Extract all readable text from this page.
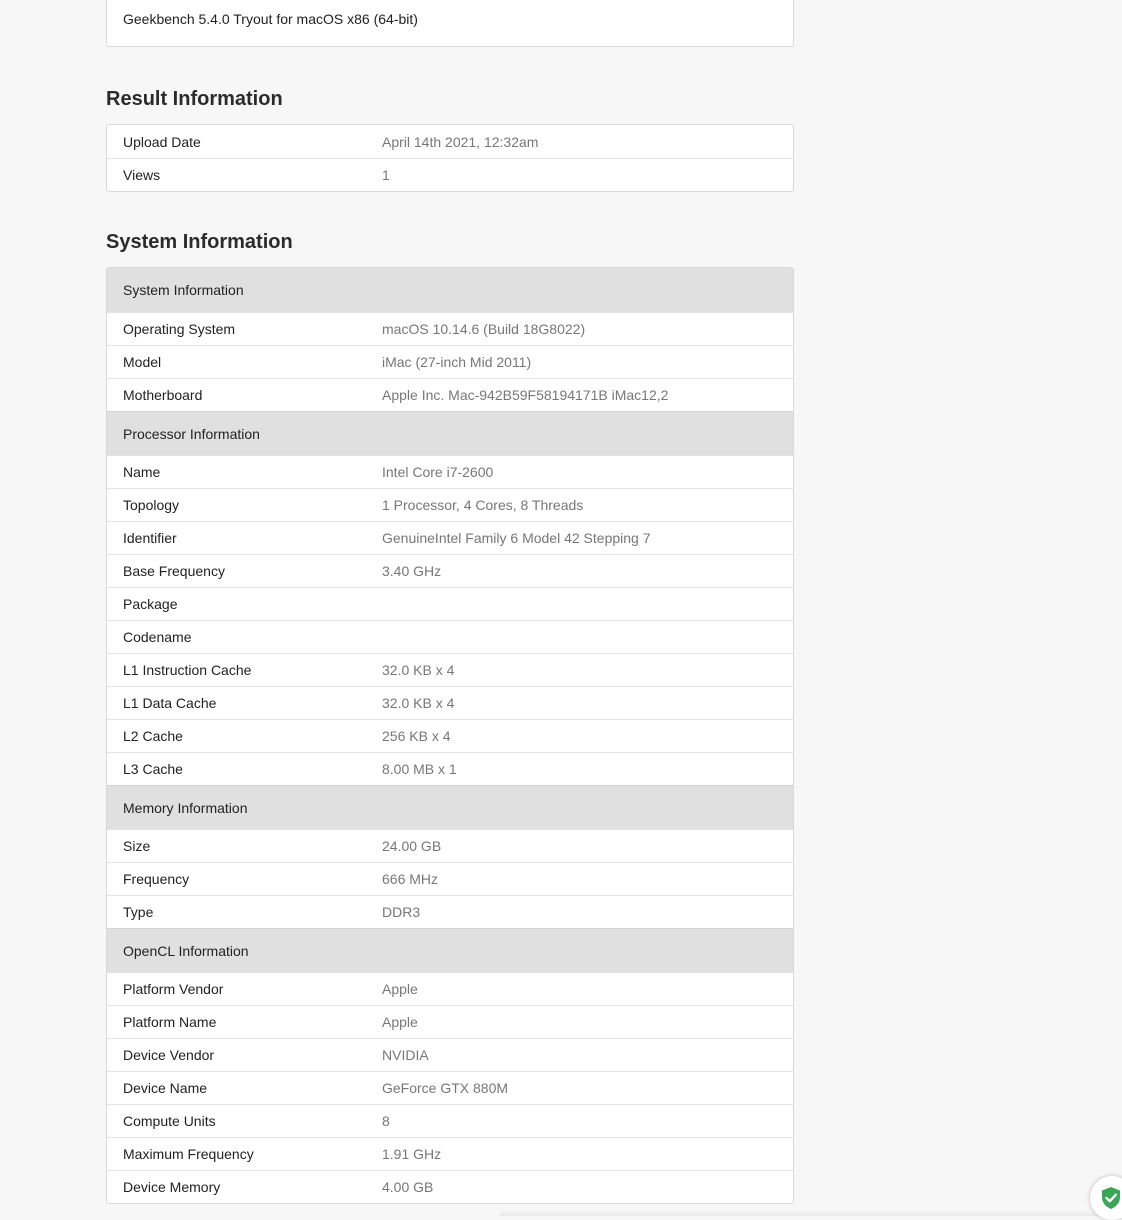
Geekbench 5.4.0 Tryout for macOS x86 (64-bit)
Result Information
Upload Date	April 14th 2021, 12:32am
Views	1
System Information
System Information
Operating System	macOS 10.14.6 (Build 18G8022)
Model	iMac (27-inch Mid 2011)
Motherboard	Apple Inc. Mac-942B59F58194171B iMac12,2
Processor Information
Name	Intel Core i7-2600
Topology	1 Processor, 4 Cores, 8 Threads
Identifier	GenuineIntel Family 6 Model 42 Stepping 7
Base Frequency	3.40 GHz
Package
Codename
L1 Instruction Cache	32.0 KB x 4
L1 Data Cache	32.0 KB x 4
L2 Cache	256 KB x 4
L3 Cache	8.00 MB x 1
Memory Information
Size	24.00 GB
Frequency	666 MHz
Type	DDR3
OpenCL Information
Platform Vendor	Apple
Platform Name	Apple
Device Vendor	NVIDIA
Device Name	GeForce GTX 880M
Compute Units	8
Maximum Frequency	1.91 GHz
Device Memory	4.00 GB
